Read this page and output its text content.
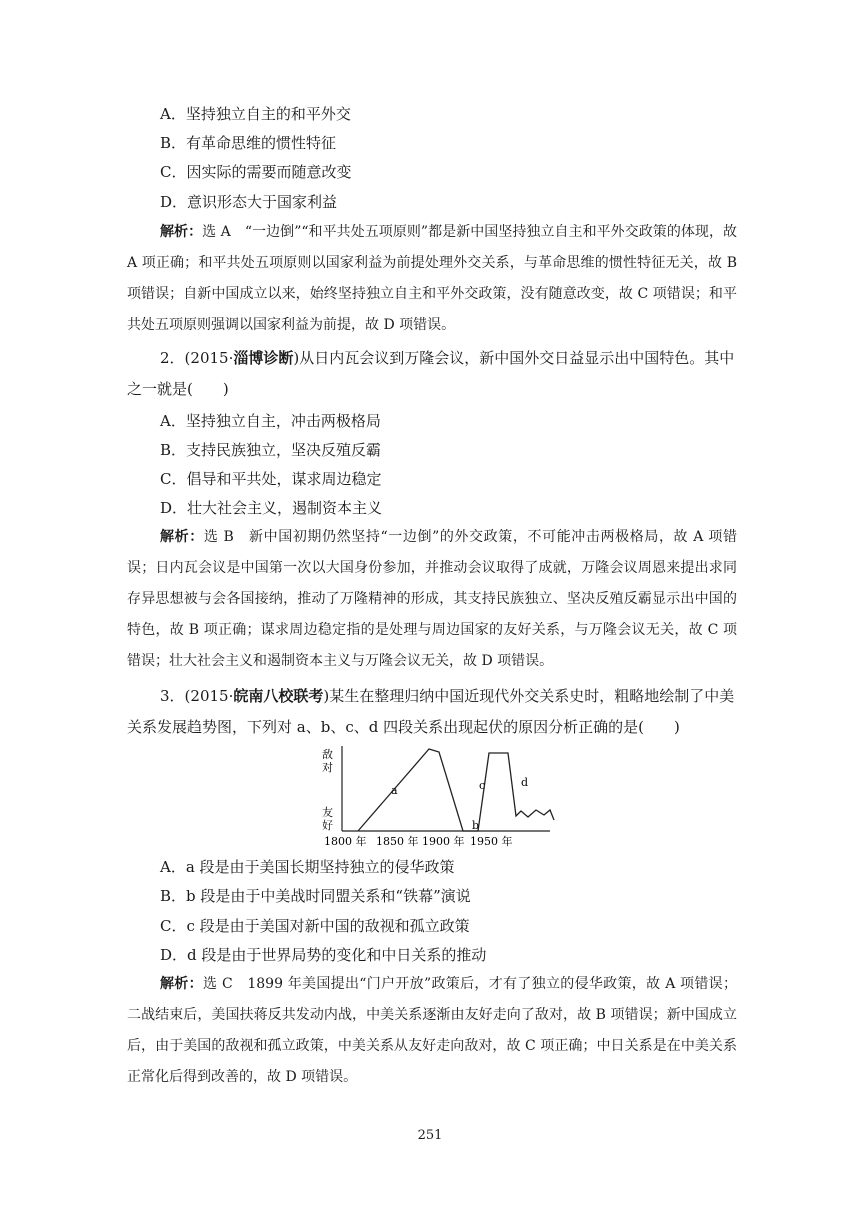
A．坚持独立自主的和平外交
B．有革命思维的惯性特征
C．因实际的需要而随意改变
D．意识形态大于国家利益
解析：选 A　“一边倒”“和平共处五项原则”都是新中国坚持独立自主和平外交政策的体现，故 A 项正确；和平共处五项原则以国家利益为前提处理外交关系，与革命思维的惯性特征无关，故 B 项错误；自新中国成立以来，始终坚持独立自主和平外交政策，没有随意改变，故 C 项错误；和平共处五项原则强调以国家利益为前提，故 D 项错误。
2．(2015·淄博诊断)从日内瓦会议到万隆会议，新中国外交日益显示出中国特色。其中之一就是(　　)
A．坚持独立自主，冲击两极格局
B．支持民族独立，坚决反殖反霸
C．倡导和平共处，谋求周边稳定
D．壮大社会主义，遏制资本主义
解析：选 B　新中国初期仍然坚持“一边倒”的外交政策，不可能冲击两极格局，故 A 项错误；日内瓦会议是中国第一次以大国身份参加，并推动会议取得了成就，万隆会议周恩来提出求同存异思想被与会各国接纳，推动了万隆精神的形成，其支持民族独立、坚决反殖反霸显示出中国的特色，故 B 项正确；谋求周边稳定指的是处理与周边国家的友好关系，与万隆会议无关，故 C 项错误；壮大社会主义和遏制资本主义与万隆会议无关，故 D 项错误。
3．(2015·皖南八校联考)某生在整理归纳中国近现代外交关系史时，粗略地绘制了中美关系发展趋势图，下列对 a、b、c、d 四段关系出现起伏的原因分析正确的是(　　)
敌
对
友
好
1800 年 1850 年 1900 年 1950 年
a
b
c	d
A．a 段是由于美国长期坚持独立的侵华政策
B．b 段是由于中美战时同盟关系和“铁幕”演说
C．c 段是由于美国对新中国的敌视和孤立政策
D．d 段是由于世界局势的变化和中日关系的推动
解析：选 C　1899 年美国提出“门户开放”政策后，才有了独立的侵华政策，故 A 项错误；二战结束后，美国扶蒋反共发动内战，中美关系逐渐由友好走向了敌对，故 B 项错误；新中国成立后，由于美国的敌视和孤立政策，中美关系从友好走向敌对，故 C 项正确；中日关系是在中美关系正常化后得到改善的，故 D 项错误。
251
